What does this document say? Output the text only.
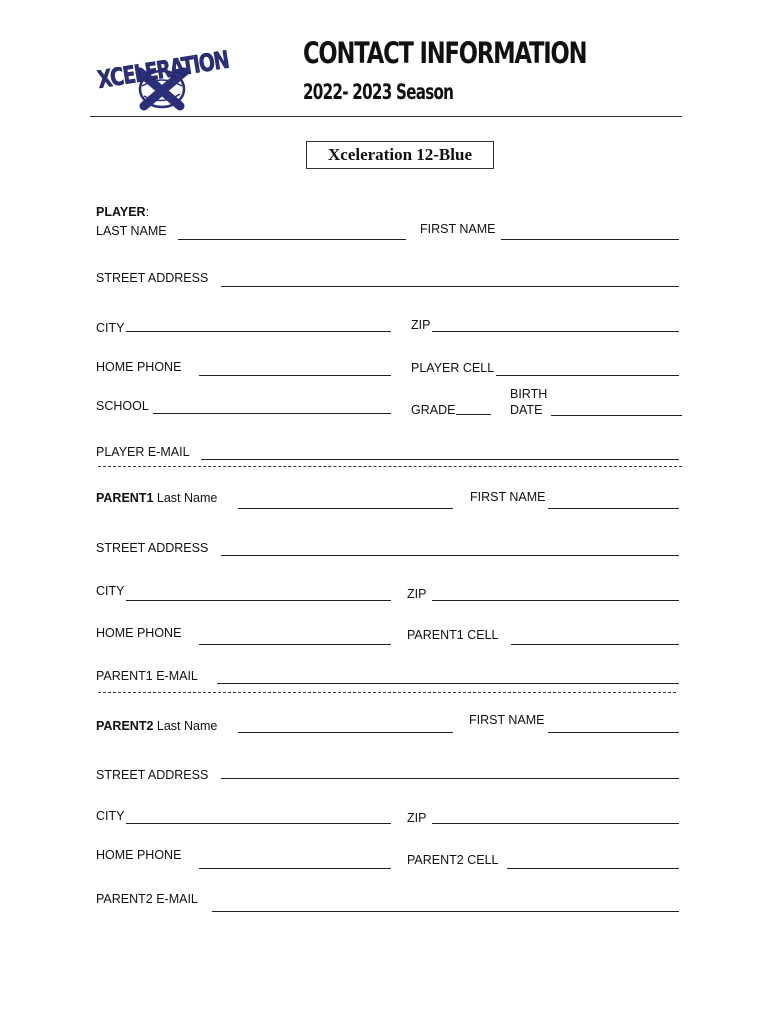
XCELERATION CONTACT INFORMATION
2022- 2023 Season
Xceleration 12-Blue
PLAYER:
LAST NAME	FIRST NAME
STREET ADDRESS
CITY	ZIP
HOME PHONE	PLAYER CELL
SCHOOL	GRADE
BIRTH
DATE
PLAYER E-MAIL
PARENT1 Last Name	FIRST NAME
STREET ADDRESS
CITY	ZIP
HOME PHONE	PARENT1 CELL
PARENT1 E-MAIL
PARENT2 Last Name	FIRST NAME
STREET ADDRESS
CITY	ZIP
HOME PHONE	PARENT2 CELL
PARENT2 E-MAIL
